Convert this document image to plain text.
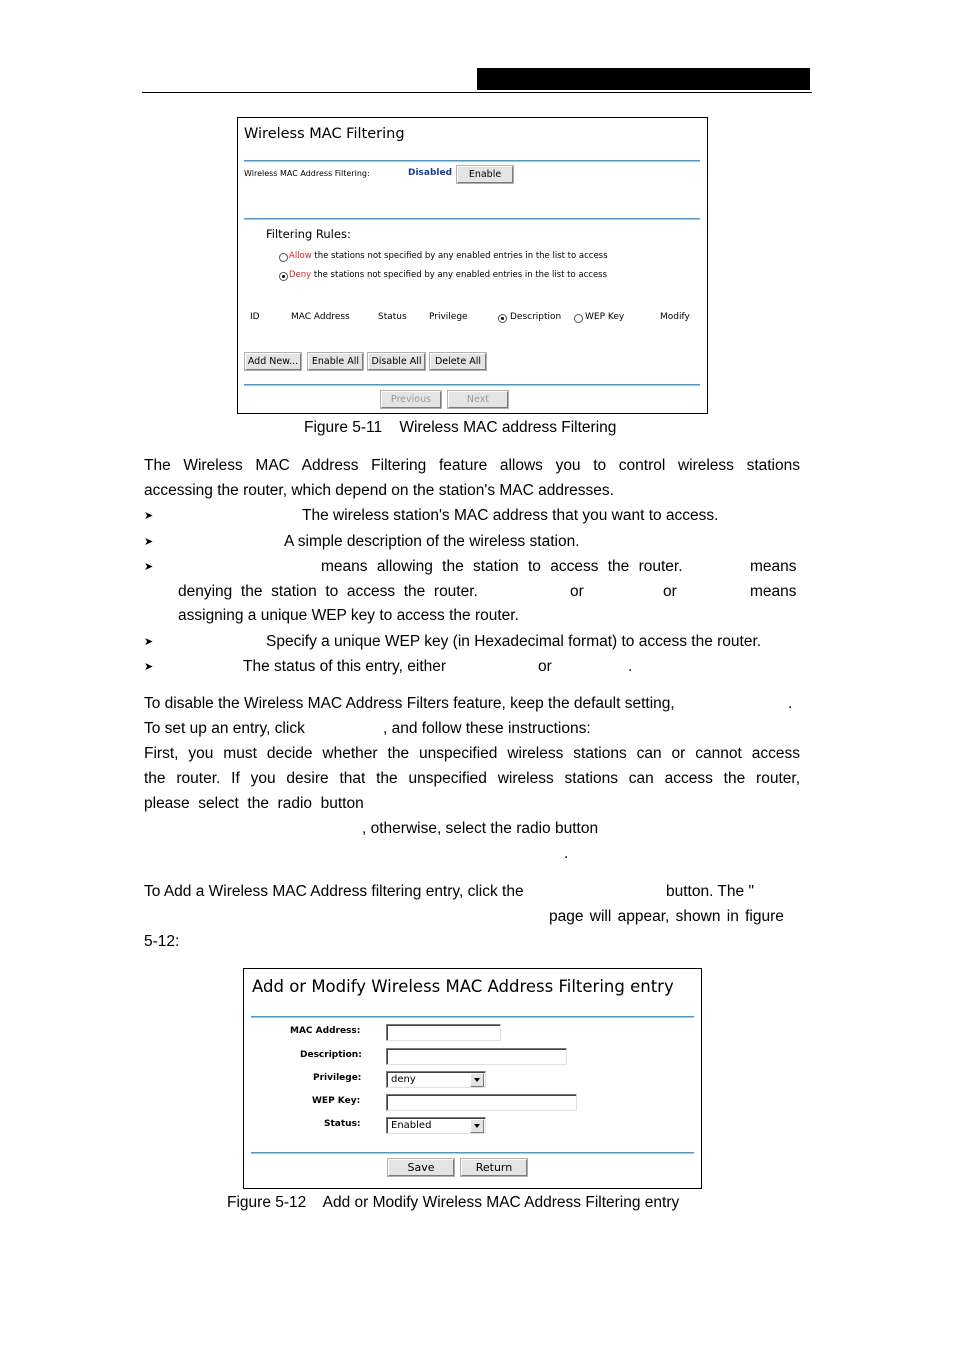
Wireless MAC Filtering
Wireless MAC Address Filtering:	Disabled	Enable
Filtering Rules:
Allow the stations not specified by any enabled entries in the list to access
Deny the stations not specified by any enabled entries in the list to access
ID	MAC Address	Status Privilege	Description	WEP Key	Modify
Add New...	Enable All	Disable All	Delete All
Previous	Next
Figure 5-11    Wireless MAC address Filtering
The Wireless MAC Address Filtering feature allows you to control wireless stations
accessing the router, which depend on the station's MAC addresses.
➤	The wireless station's MAC address that you want to access.
➤	A simple description of the wireless station.
➤	means allowing the station to access the router.	means
denying  the  station  to  access  the  router.	or	or	means
assigning a unique WEP key to access the router.
➤	Specify a unique WEP key (in Hexadecimal format) to access the router.
➤	The status of this entry, either	or	.
To disable the Wireless MAC Address Filters feature, keep the default setting,	.
To set up an entry, click	, and follow these instructions:
First, you must decide whether the unspecified wireless stations can or cannot access
the router. If you desire that the unspecified wireless stations can access the router,
please  select  the  radio  button
, otherwise, select the radio button
.
To Add a Wireless MAC Address filtering entry, click the	button. The "
page will appear, shown in figure
5-12:
Add or Modify Wireless MAC Address Filtering entry
MAC Address:
Description:
Privilege:	deny
WEP Key:
Status:	Enabled
Save	Return
Figure 5-12    Add or Modify Wireless MAC Address Filtering entry
